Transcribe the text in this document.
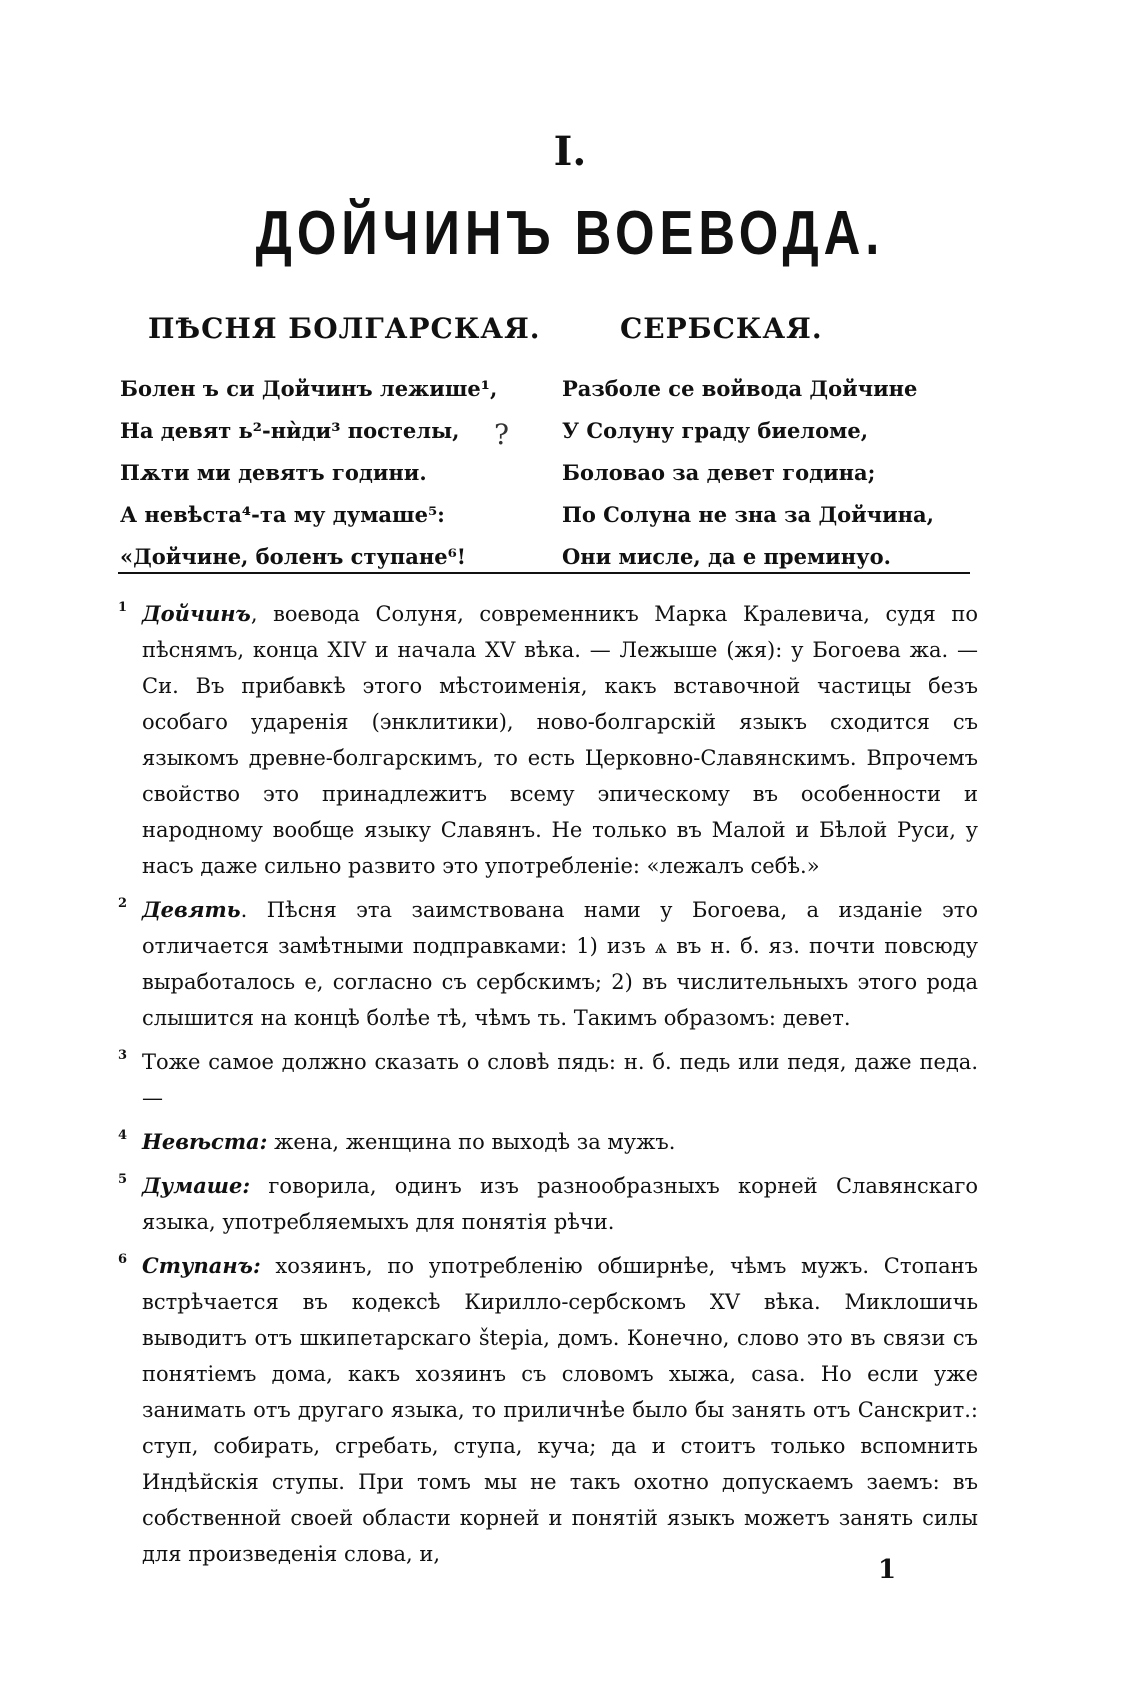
I.
ДОЙЧИНЪ ВОЕВОДА.
ПѢСНЯ БОЛГАРСКАЯ.	СЕРБСКАЯ.
Болен ъ си Дойчинъ лежише¹,
На девят ь²-нѝди³ постелы,
Пѫти ми девятъ години.
А невѣста⁴-та му думаше⁵:
«Дойчине, боленъ ступане⁶!
?
Разболе се войвода Дойчине
У Солуну граду биеломе,
Боловао за девет година;
По Солуна не зна за Дойчина,
Они мисле, да е преминуо.
1 Дойчинъ, воевода Солуня, современникъ Марка Кралевича, судя по пѣснямъ, конца XIV и начала XV вѣка. — Лежыше (жя): у Богоева жа. — Си. Въ прибавкѣ этого мѣстоименія, какъ вставочной частицы безъ особаго ударенія (энклитики), ново-болгарскій языкъ сходится съ языкомъ древне-болгарскимъ, то есть Церковно-Славянскимъ. Впрочемъ свойство это принадлежитъ всему эпическому въ особенности и народному вообще языку Славянъ. Не только въ Малой и Бѣлой Руси, у насъ даже сильно развито это употребленіе: «лежалъ себѣ.»
2 Девять. Пѣсня эта заимствована нами у Богоева, а изданіе это отличается замѣтными подправками: 1) изъ ѧ въ н. б. яз. почти повсюду выработалось е, согласно съ сербскимъ; 2) въ числительныхъ этого рода слышится на концѣ болѣе тѣ, чѣмъ ть. Такимъ образомъ: девет.
3 Тоже самое должно сказать о словѣ пядь: н. б. педь или педя, даже педа. —
4 Невѣста: жена, женщина по выходѣ за мужъ.
5 Думаше: говорила, одинъ изъ разнообразныхъ корней Славянскаго языка, употребляемыхъ для понятія рѣчи.
6 Ступанъ: хозяинъ, по употребленію обширнѣе, чѣмъ мужъ. Стопанъ встрѣчается въ кодексѣ Кирилло-сербскомъ XV вѣка. Миклошичь выводитъ отъ шкипетарскаго štepia, домъ. Конечно, слово это въ связи съ понятіемъ дома, какъ хозяинъ съ словомъ хыжа, casa. Но если уже занимать отъ другаго языка, то приличнѣе было бы занять отъ Санскрит.: ступ, собирать, сгребать, ступа, куча; да и стоитъ только вспомнить Индѣйскія ступы. При томъ мы не такъ охотно допускаемъ заемъ: въ собственной своей области корней и понятій языкъ можетъ занять силы для произведенія слова, и,
1
